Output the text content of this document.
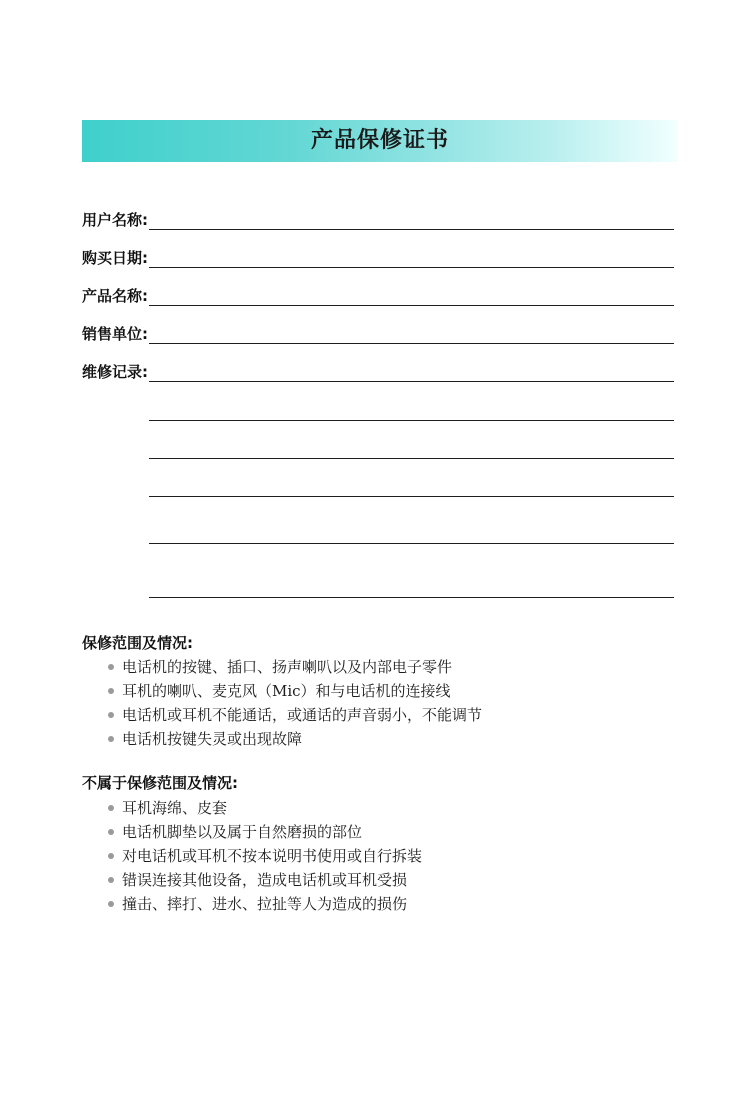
产品保修证书
用户名称:
购买日期:
产品名称:
销售单位:
维修记录:
保修范围及情况:
电话机的按键、插口、扬声喇叭以及内部电子零件
耳机的喇叭、麦克风（Mic）和与电话机的连接线
电话机或耳机不能通话，或通话的声音弱小，不能调节
电话机按键失灵或出现故障
不属于保修范围及情况:
耳机海绵、皮套
电话机脚垫以及属于自然磨损的部位
对电话机或耳机不按本说明书使用或自行拆装
错误连接其他设备，造成电话机或耳机受损
撞击、摔打、进水、拉扯等人为造成的损伤
